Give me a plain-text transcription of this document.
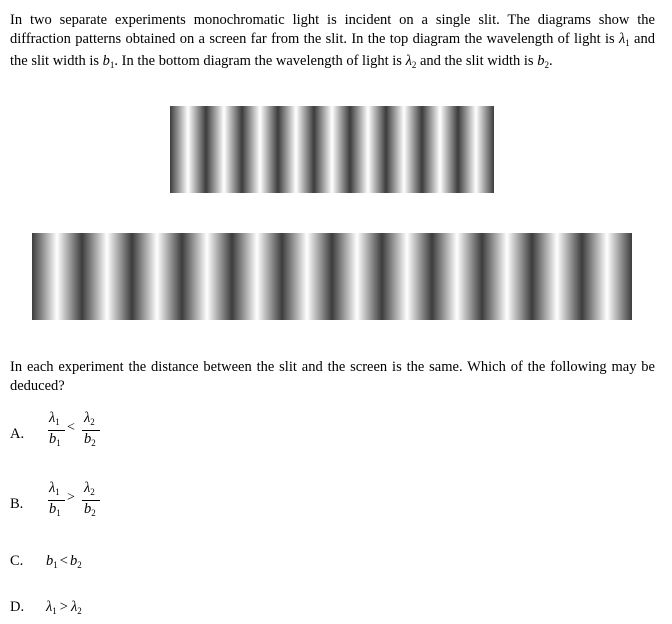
In two separate experiments monochromatic light is incident on a single slit. The diagrams show the diffraction patterns obtained on a screen far from the slit. In the top diagram the wavelength of light is $\lambda_1$ and the slit width is $b_1$. In the bottom diagram the wavelength of light is $\lambda_2$ and the slit width is $b_2$.
In each experiment the distance between the slit and the screen is the same. Which of the following may be deduced?
A.
$\lambda_1$
$b_1$
<
$\lambda_2$
$b_2$
B.
$\lambda_1$
$b_1$
>
$\lambda_2$
$b_2$
C. $b_1 < b_2$
D. $\lambda_1 > \lambda_2$
